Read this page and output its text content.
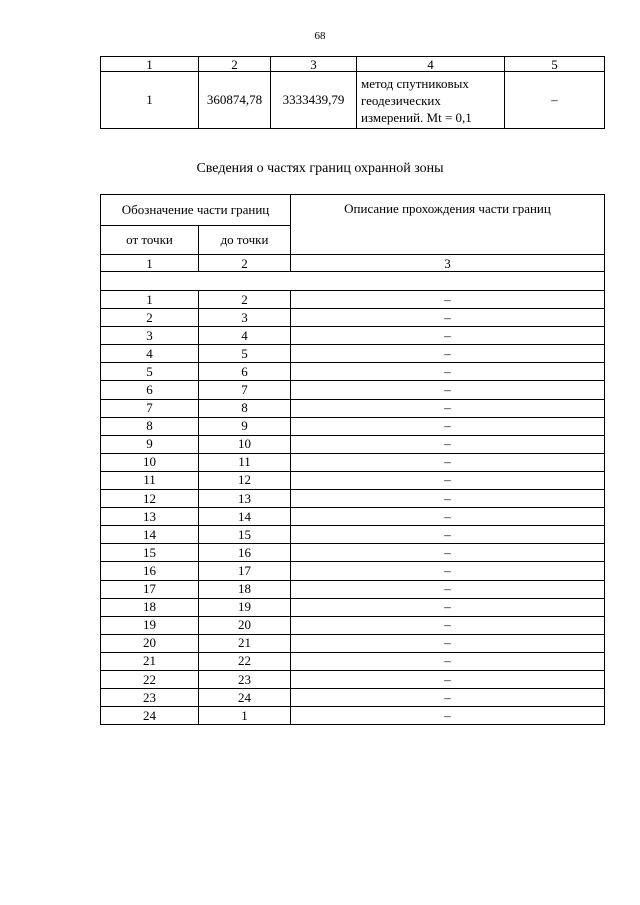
68
1	2	3	4	5
1	360874,78	3333439,79	метод спутниковых
геодезических
измерений. Mt = 0,1	–
Сведения о частях границ охранной зоны
Обозначение части границ		Описание прохождения части границ
от точки	до точки	
1	2	3

1	2	–
2	3	–
3	4	–
4	5	–
5	6	–
6	7	–
7	8	–
8	9	–
9	10	–
10	11	–
11	12	–
12	13	–
13	14	–
14	15	–
15	16	–
16	17	–
17	18	–
18	19	–
19	20	–
20	21	–
21	22	–
22	23	–
23	24	–
24	1	–
